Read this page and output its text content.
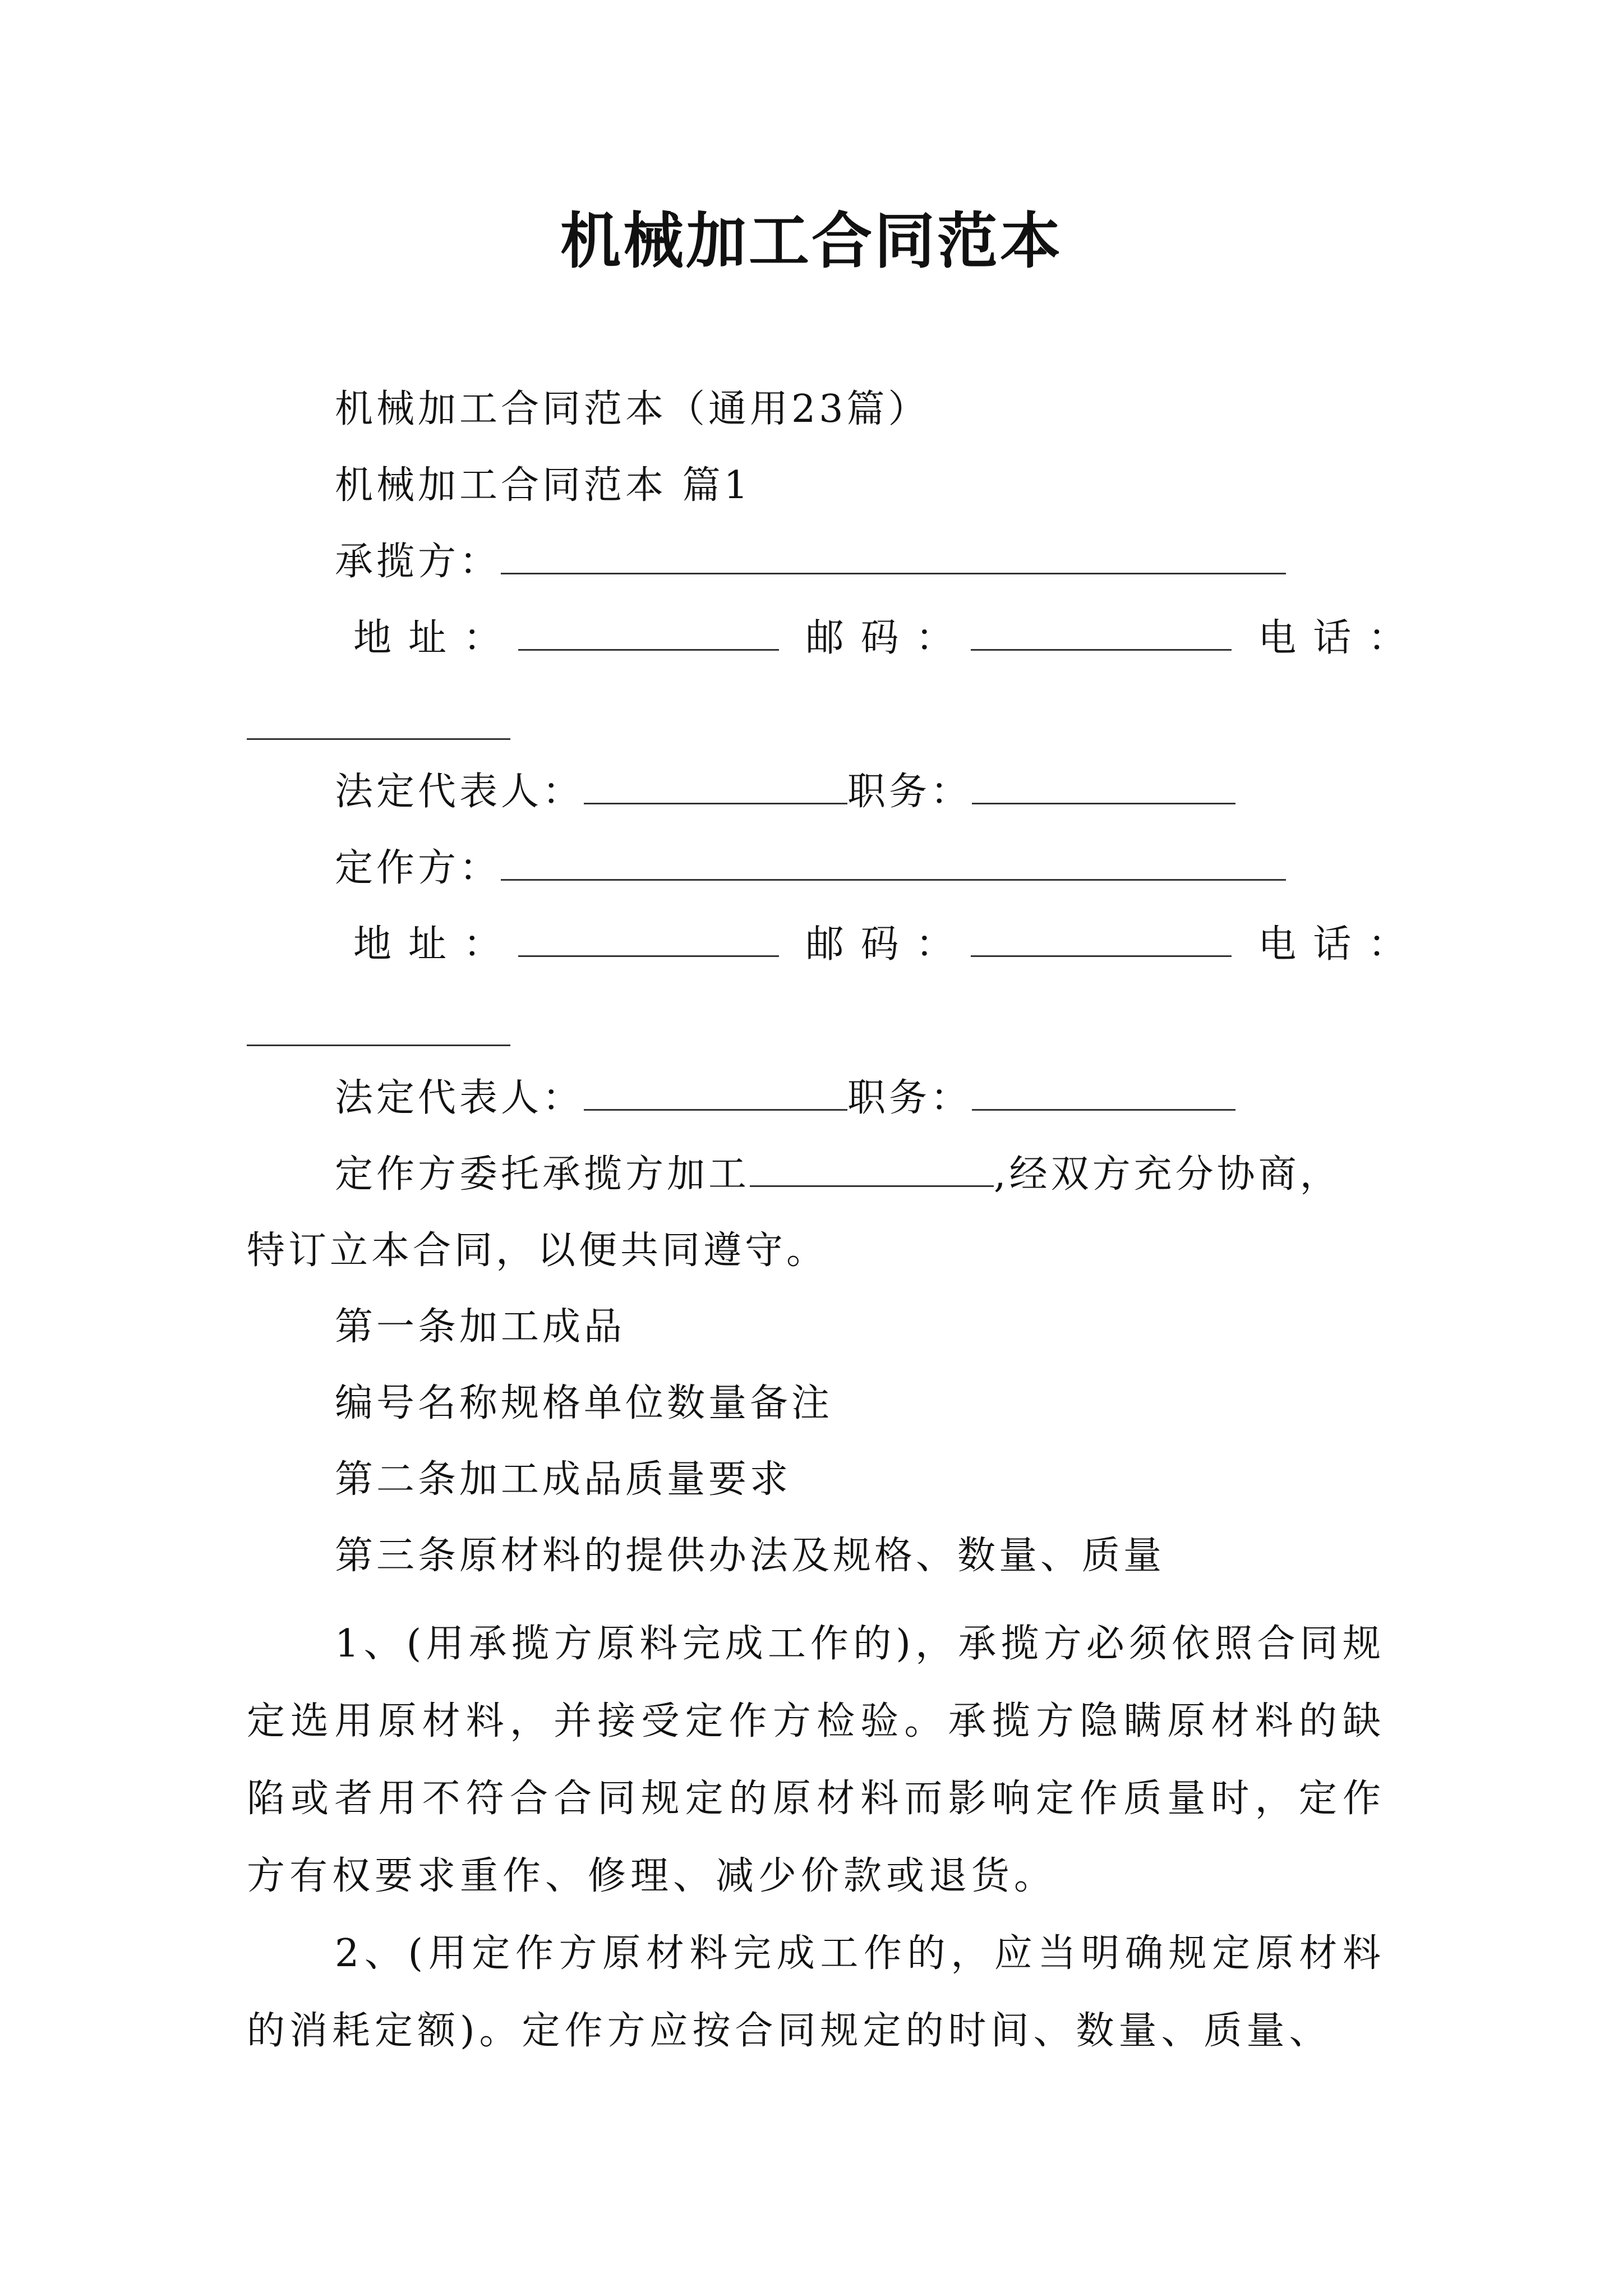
机械加工合同范本
机械加工合同范本（通用23篇）
机械加工合同范本 篇1
承揽方：
地址：	邮码：	电话：
法定代表人：	职务：
定作方：
地址：	邮码：	电话：
法定代表人：	职务：
定作方委托承揽方加工	,经双方充分协商，
特订立本合同，以便共同遵守。
第一条加工成品
编号名称规格单位数量备注
第二条加工成品质量要求
第三条原材料的提供办法及规格、数量、质量

1、(用承揽方原料完成工作的)，承揽方必须依照合同规定选用原材料，并接受定作方检验。承揽方隐瞒原材料的缺陷或者用不符合合同规定的原材料而影响定作质量时，定作方有权要求重作、修理、减少价款或退货。

2、(用定作方原材料完成工作的，应当明确规定原材料的消耗定额)。定作方应按合同规定的时间、数量、质量、
